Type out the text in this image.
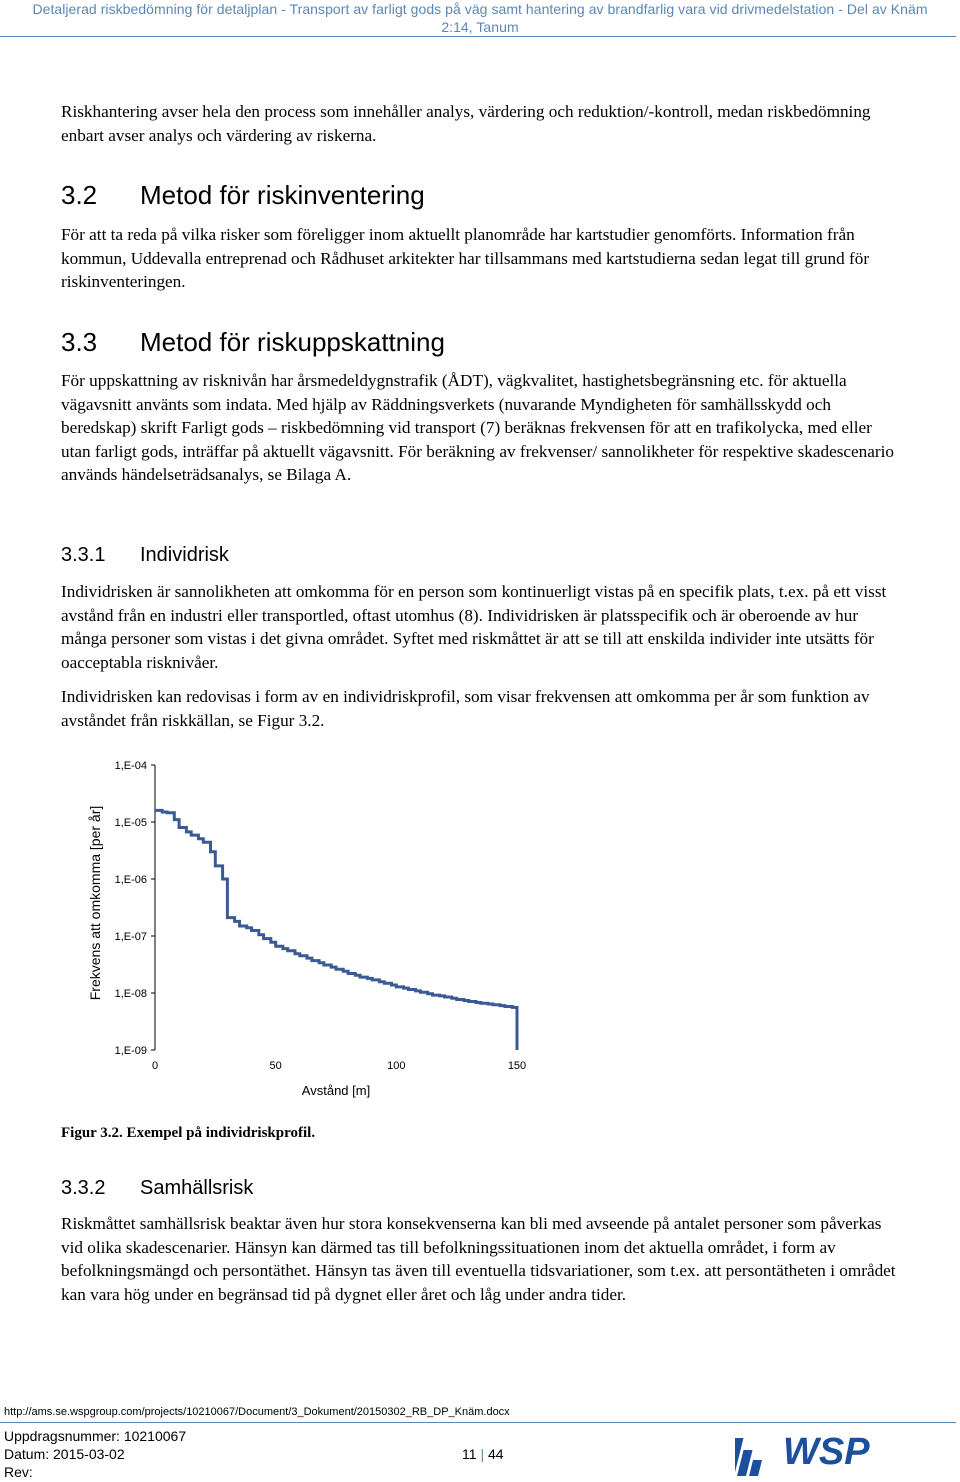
Detaljerad riskbedömning för detaljplan - Transport av farligt gods på väg samt hantering av brandfarlig vara vid drivmedelstation - Del av Knäm
2:14, Tanum

Riskhantering avser hela den process som innehåller analys, värdering och reduktion/-kontroll, medan riskbedömning enbart avser analys och värdering av riskerna.

3.2 Metod för riskinventering

För att ta reda på vilka risker som föreligger inom aktuellt planområde har kartstudier genomförts. Information från kommun, Uddevalla entreprenad och Rådhuset arkitekter har tillsammans med kartstudierna sedan legat till grund för riskinventeringen.

3.3 Metod för riskuppskattning

För uppskattning av risknivån har årsmedeldygnstrafik (ÅDT), vägkvalitet, hastighetsbegränsning etc. för aktuella vägavsnitt använts som indata. Med hjälp av Räddningsverkets (nuvarande Myndigheten för samhällsskydd och beredskap) skrift Farligt gods – riskbedömning vid transport (7) beräknas frekvensen för att en trafikolycka, med eller utan farligt gods, inträffar på aktuellt vägavsnitt. För beräkning av frekvenser/ sannolikheter för respektive skadescenario används händelseträdsanalys, se Bilaga A.

3.3.1 Individrisk

Individrisken är sannolikheten att omkomma för en person som kontinuerligt vistas på en specifik plats, t.ex. på ett visst avstånd från en industri eller transportled, oftast utomhus (8). Individrisken är platsspecifik och är oberoende av hur många personer som vistas i det givna området. Syftet med riskmåttet är att se till att enskilda individer inte utsätts för oacceptabla risknivåer.

Individrisken kan redovisas i form av en individriskprofil, som visar frekvensen att omkomma per år som funktion av avståndet från riskkällan, se Figur 3.2.

Frekvens att omkomma [per år]
Avstånd [m]
1,E-04
1,E-05
1,E-06
1,E-07
1,E-08
1,E-09
0	50	100	150
Figur 3.2. Exempel på individriskprofil.
3.3.2 Samhällsrisk

Riskmåttet samhällsrisk beaktar även hur stora konsekvenserna kan bli med avseende på antalet personer som påverkas vid olika skadescenarier. Hänsyn kan därmed tas till befolkningssituationen inom det aktuella området, i form av befolkningsmängd och persontäthet. Hänsyn tas även till eventuella tidsvariationer, som t.ex. att persontätheten i området kan vara hög under en begränsad tid på dygnet eller året och låg under andra tider.

http://ams.se.wspgroup.com/projects/10210067/Document/3_Dokument/20150302_RB_DP_Knäm.docx
Uppdragsnummer: 10210067
Datum: 2015-03-02
Rev:
11 | 44	WSP
